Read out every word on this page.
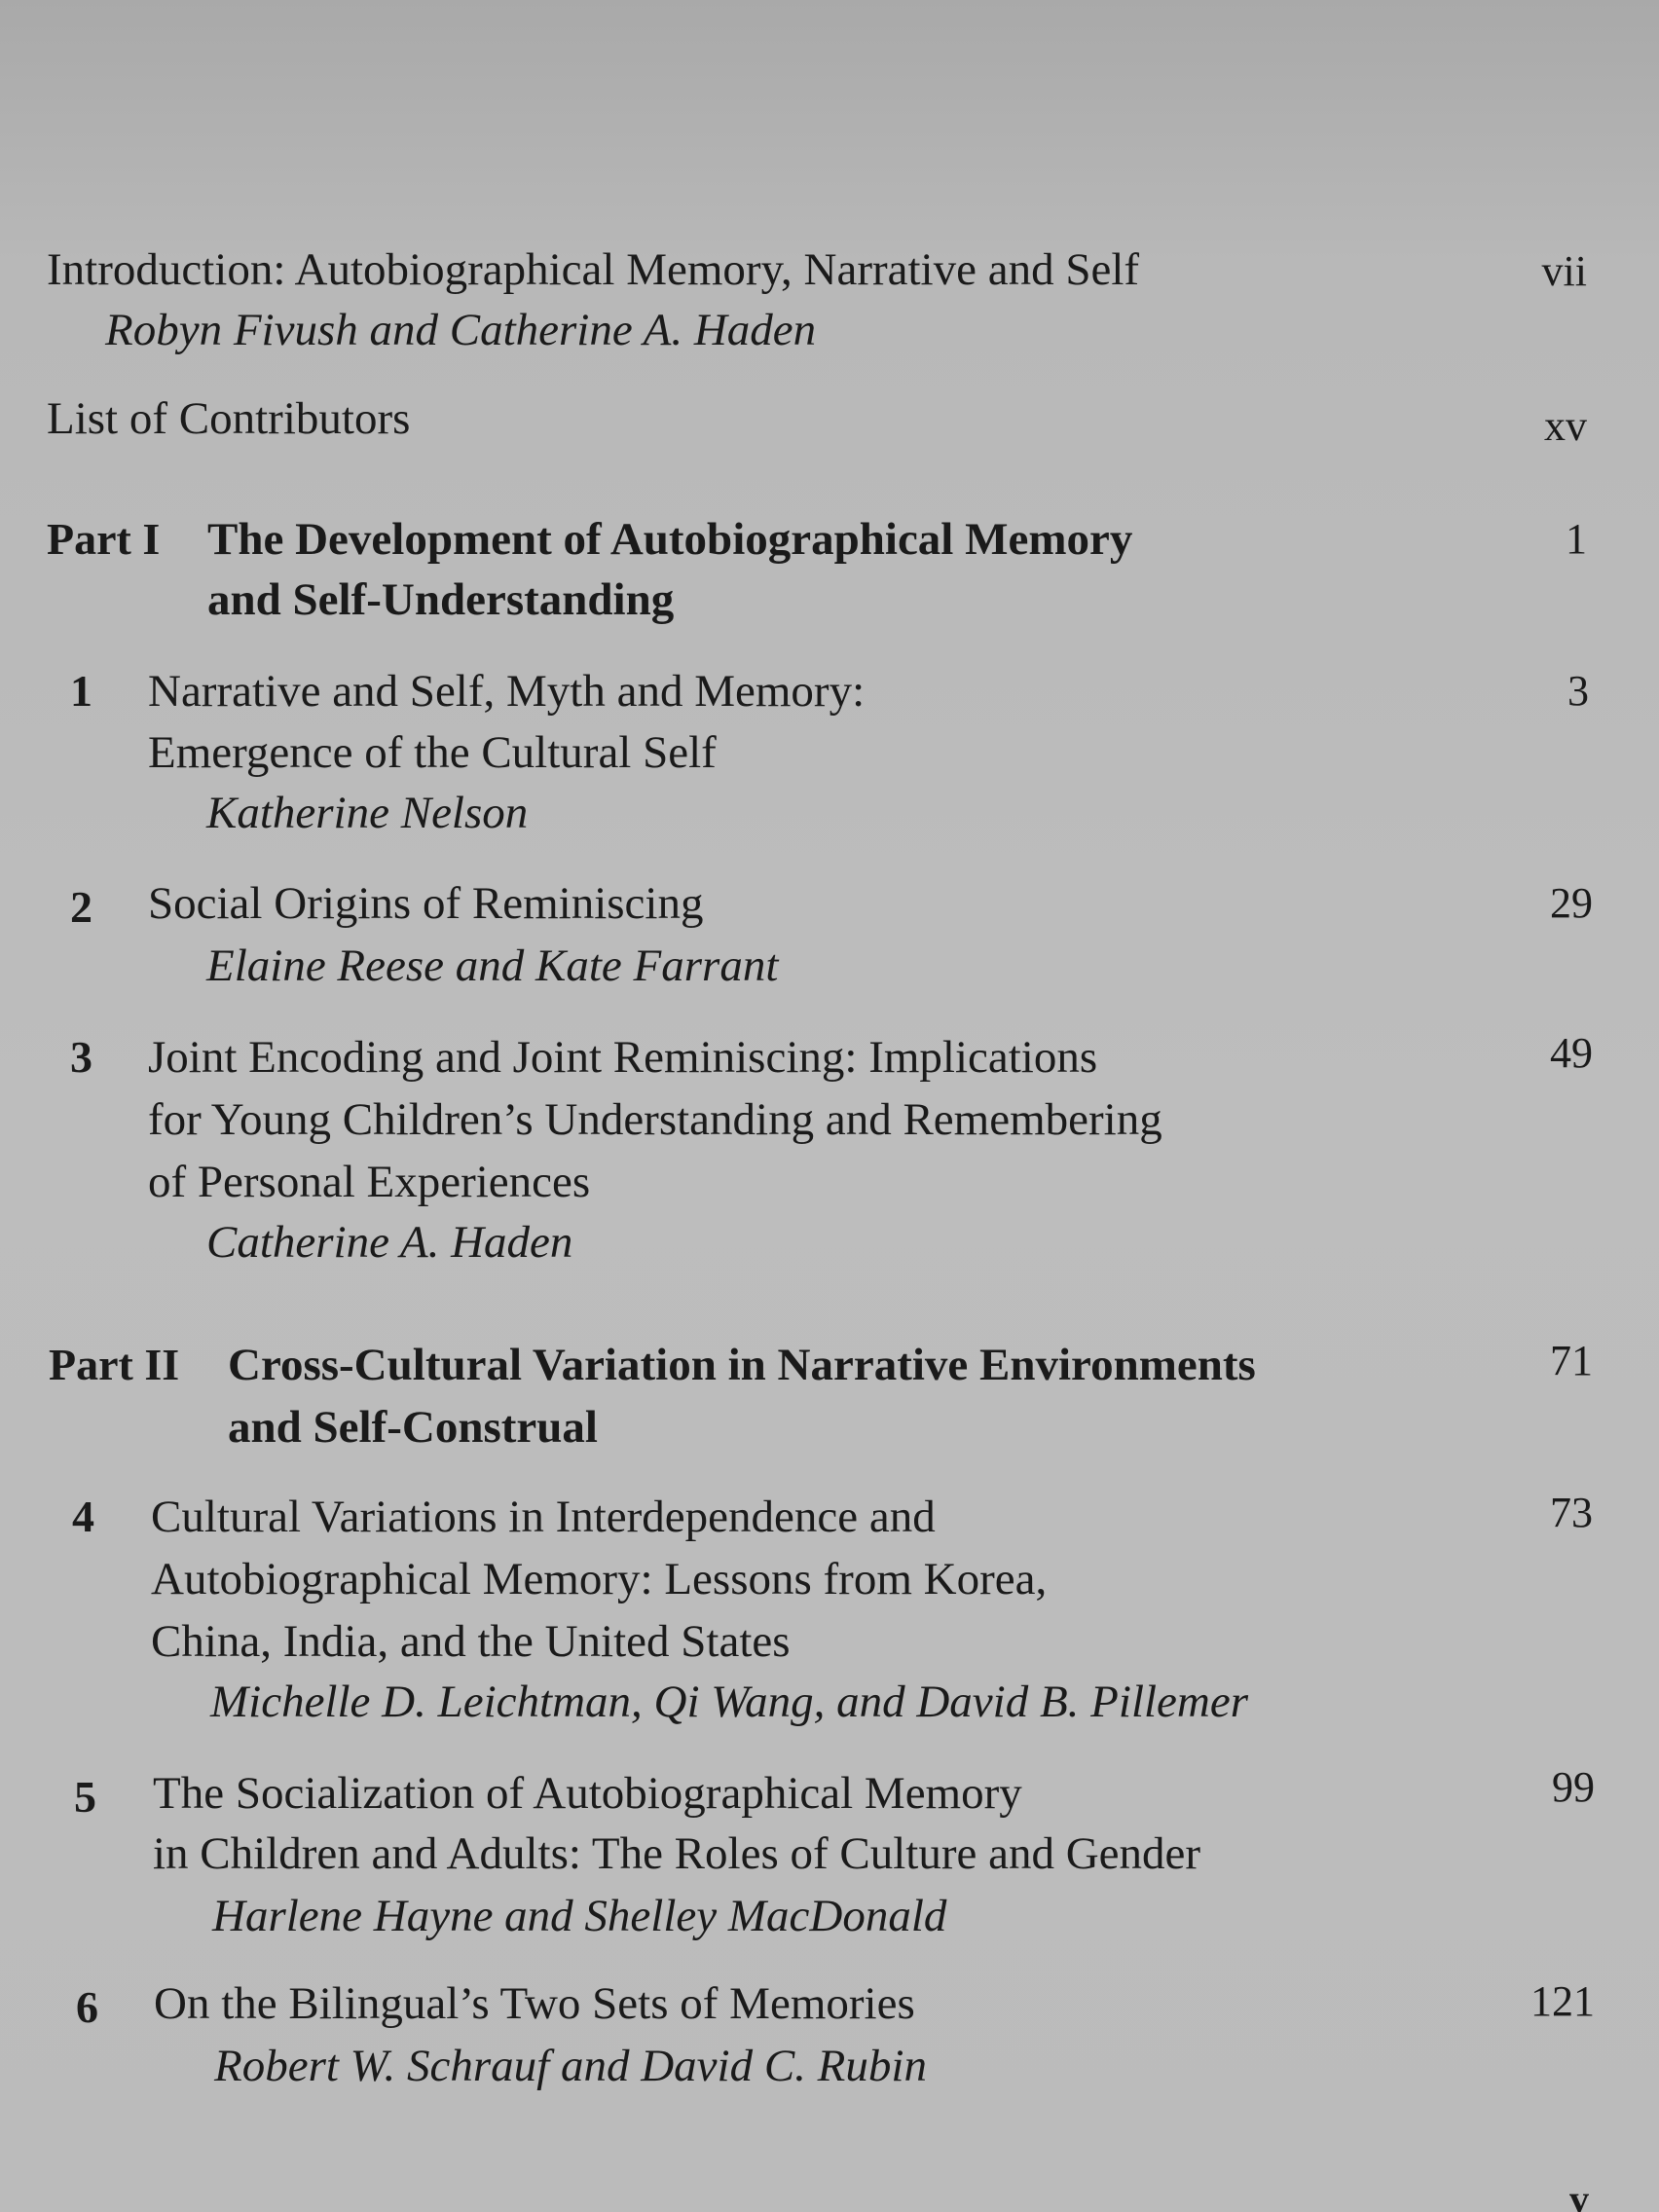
Introduction: Autobiographical Memory, Narrative and Self	vii
Robyn Fivush and Catherine A. Haden
List of Contributors	xv
Part I The Development of Autobiographical Memory
and Self-Understanding
1
1 Narrative and Self, Myth and Memory:
Emergence of the Cultural Self
Katherine Nelson
3
2 Social Origins of Reminiscing
Elaine Reese and Kate Farrant
29
3 Joint Encoding and Joint Reminiscing: Implications
for Young Children’s Understanding and Remembering
of Personal Experiences
Catherine A. Haden
49
Part II Cross-Cultural Variation in Narrative Environments
and Self-Construal
71
4 Cultural Variations in Interdependence and
Autobiographical Memory: Lessons from Korea,
China, India, and the United States
Michelle D. Leichtman, Qi Wang, and David B. Pillemer
73
5 The Socialization of Autobiographical Memory
in Children and Adults: The Roles of Culture and Gender
Harlene Hayne and Shelley MacDonald
99
6 On the Bilingual’s Two Sets of Memories
Robert W. Schrauf and David C. Rubin
121
v
